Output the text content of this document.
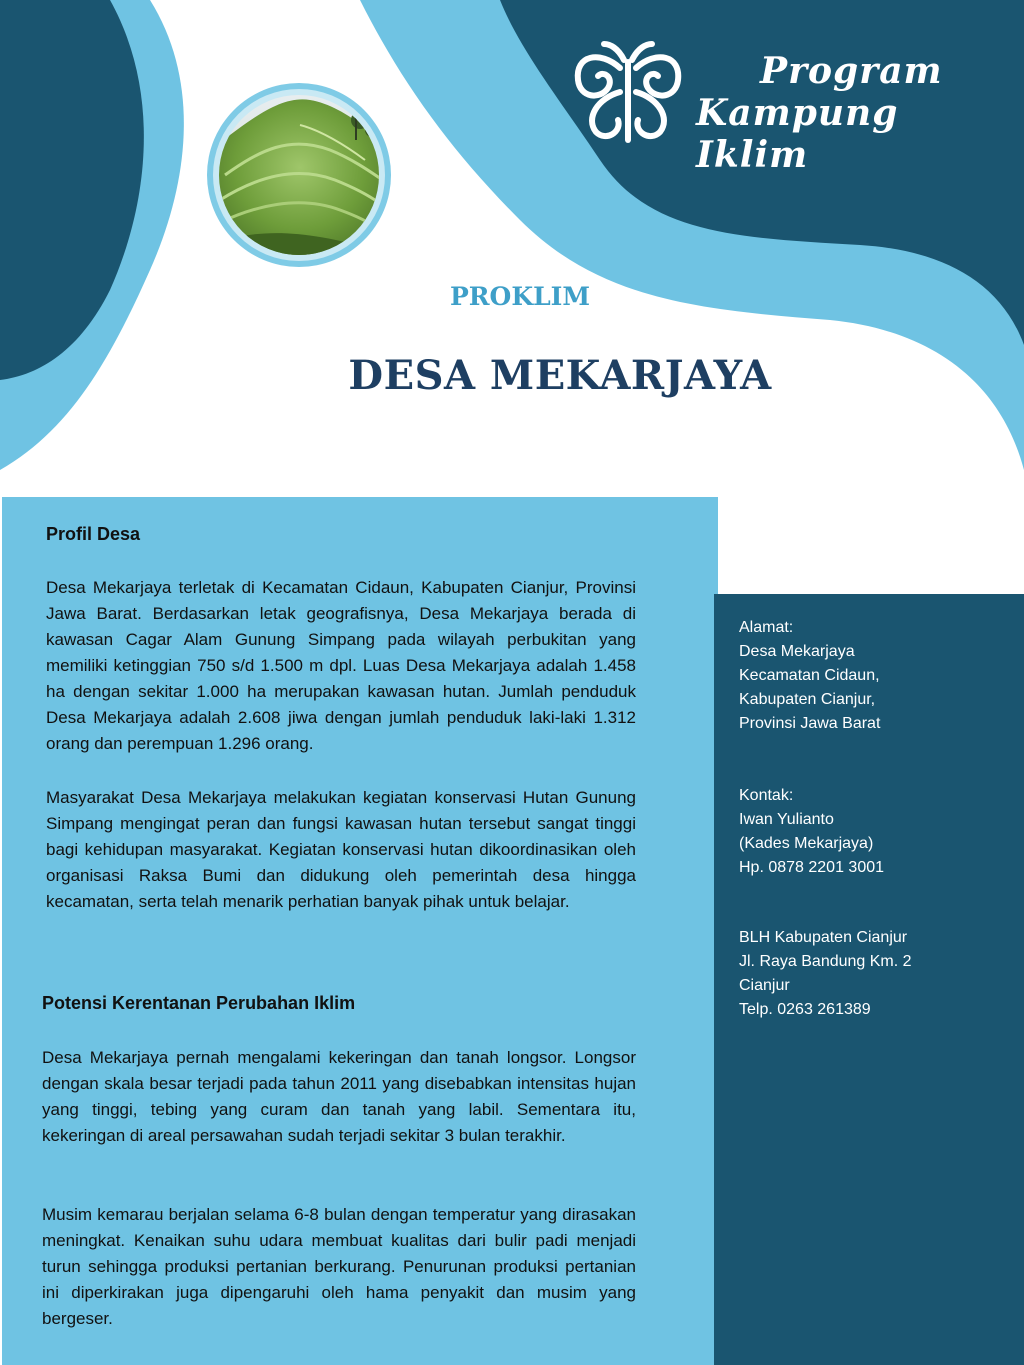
Program
Kampung Iklim
PROKLIM
DESA MEKARJAYA
Profil Desa

Desa Mekarjaya terletak di Kecamatan Cidaun, Kabupaten Cianjur, Provinsi Jawa Barat. Berdasarkan letak geografisnya, Desa Mekarjaya berada di kawasan Cagar Alam Gunung Simpang pada wilayah perbukitan yang memiliki ketinggian 750 s/d 1.500 m dpl. Luas Desa Mekarjaya adalah 1.458 ha dengan sekitar 1.000 ha merupakan kawasan hutan. Jumlah penduduk Desa Mekarjaya adalah 2.608 jiwa dengan jumlah penduduk laki-laki 1.312 orang dan perempuan 1.296 orang.

Masyarakat Desa Mekarjaya melakukan kegiatan konservasi Hutan Gunung Simpang mengingat peran dan fungsi kawasan hutan tersebut sangat tinggi bagi kehidupan masyarakat. Kegiatan konservasi hutan dikoordinasikan oleh organisasi Raksa Bumi dan didukung oleh pemerintah desa hingga kecamatan, serta telah menarik perhatian banyak pihak untuk belajar.

Potensi Kerentanan Perubahan Iklim

Desa Mekarjaya pernah mengalami kekeringan dan tanah longsor. Longsor dengan skala besar terjadi pada tahun 2011 yang disebabkan intensitas hujan yang tinggi, tebing yang curam dan tanah yang labil. Sementara itu, kekeringan di areal persawahan sudah terjadi sekitar 3 bulan terakhir.

Musim kemarau berjalan selama 6-8 bulan dengan temperatur yang dirasakan meningkat. Kenaikan suhu udara membuat kualitas dari bulir padi menjadi turun sehingga produksi pertanian berkurang. Penurunan produksi pertanian ini diperkirakan juga dipengaruhi oleh hama penyakit dan musim yang bergeser.

Alamat:
Desa Mekarjaya
Kecamatan Cidaun,
Kabupaten Cianjur,
Provinsi Jawa Barat
Kontak:
Iwan Yulianto
(Kades Mekarjaya)
Hp. 0878 2201 3001
BLH Kabupaten Cianjur
Jl. Raya Bandung Km. 2
Cianjur
Telp. 0263 261389
